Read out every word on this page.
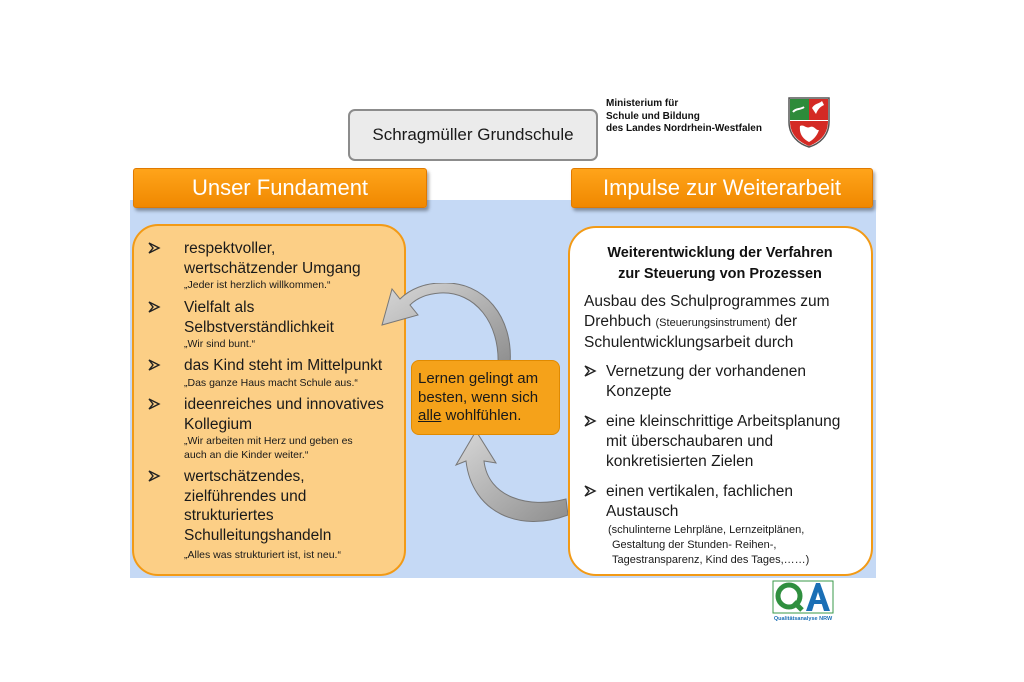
Schragmüller Grundschule
Ministerium für
Schule und Bildung
des Landes Nordrhein-Westfalen
Unser Fundament	Impulse zur Weiterarbeit
respektvoller,
wertschätzender Umgang
„Jeder ist herzlich willkommen.“
Vielfalt als
Selbstverständlichkeit
„Wir sind bunt.“
das Kind steht im Mittelpunkt
„Das ganze Haus macht Schule aus.“
ideenreiches und innovatives
Kollegium
„Wir arbeiten mit Herz und geben es
auch an die Kinder weiter.“
wertschätzendes,
zielführendes und
strukturiertes
Schulleitungshandeln
„Alles was strukturiert ist, ist neu.“
Lernen gelingt am
besten, wenn sich
alle wohlfühlen.
Weiterentwicklung der Verfahren
zur Steuerung von Prozessen
Ausbau des Schulprogrammes zum
Drehbuch (Steuerungsinstrument) der
Schulentwicklungsarbeit durch
Vernetzung der vorhandenen
Konzepte
eine kleinschrittige Arbeitsplanung
mit überschaubaren und
konkretisierten Zielen
einen vertikalen, fachlichen
Austausch
(schulinterne Lehrpläne, Lernzeitplänen,
Gestaltung der Stunden- Reihen-,
Tagestransparenz, Kind des Tages,……)
Qualitätsanalyse NRW
